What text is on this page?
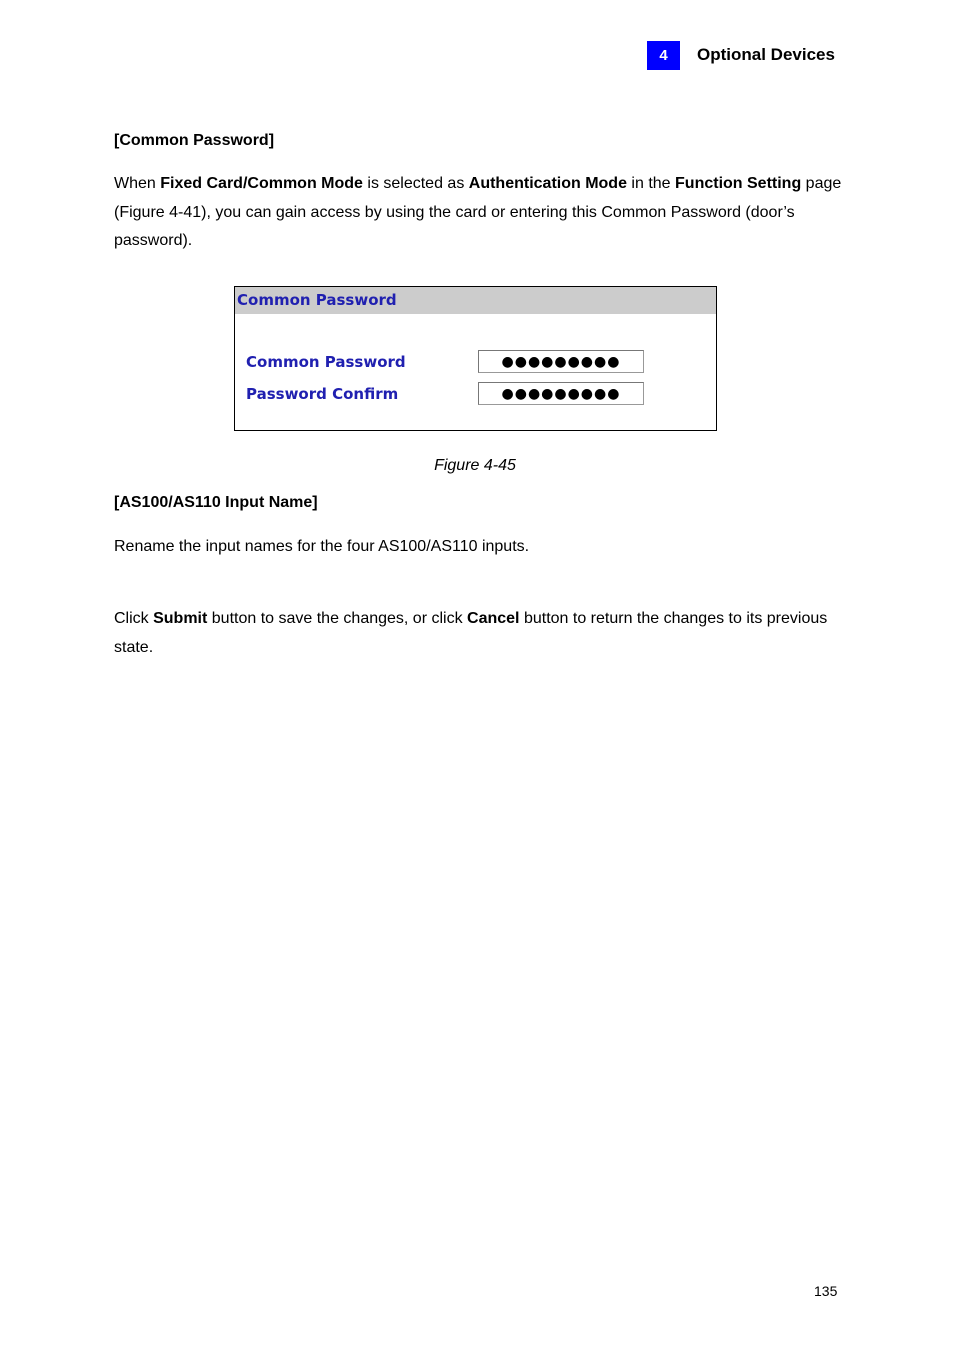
4	Optional Devices
[Common Password]
When Fixed Card/Common Mode is selected as Authentication Mode in the Function Setting page (Figure 4-41), you can gain access by using the card or entering this Common Password (door’s password).
Common Password
Common Password
●●●●●●●●●
Password Confirm
●●●●●●●●●
Figure 4-45
[AS100/AS110 Input Name]
Rename the input names for the four AS100/AS110 inputs.
Click Submit button to save the changes, or click Cancel button to return the changes to its previous state.
135
